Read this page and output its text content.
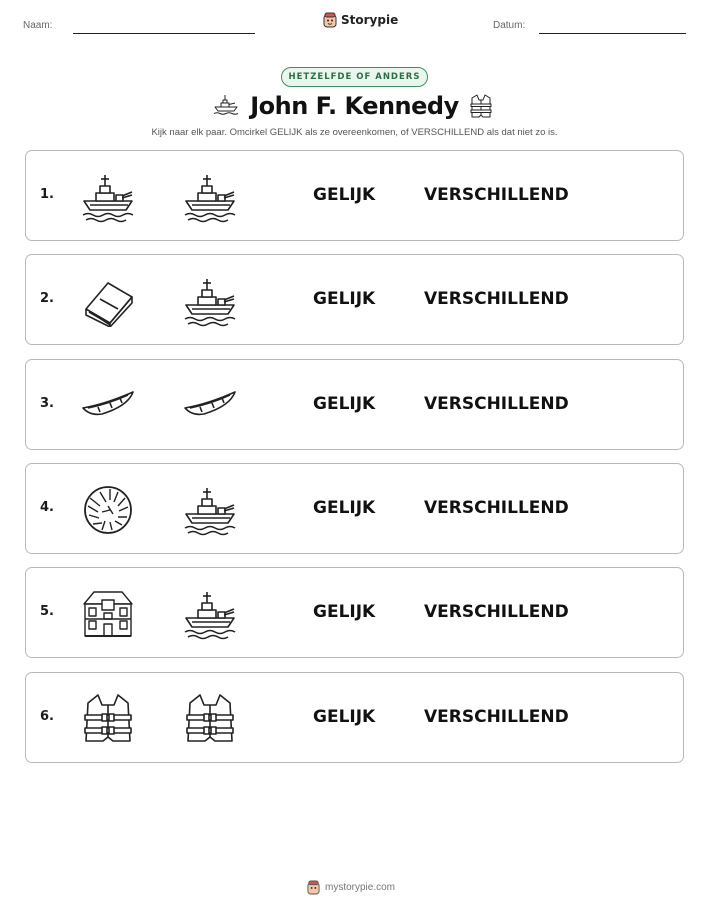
Naam:	Storypie	Datum:
HETZELFDE OF ANDERS
John F. Kennedy
Kijk naar elk paar. Omcirkel GELIJK als ze overeenkomen, of VERSCHILLEND als dat niet zo is.
1.	GELIJK	VERSCHILLEND
2.	GELIJK	VERSCHILLEND
3.	GELIJK	VERSCHILLEND
4.	GELIJK	VERSCHILLEND
5.	GELIJK	VERSCHILLEND
6.	GELIJK	VERSCHILLEND
mystorypie.com
